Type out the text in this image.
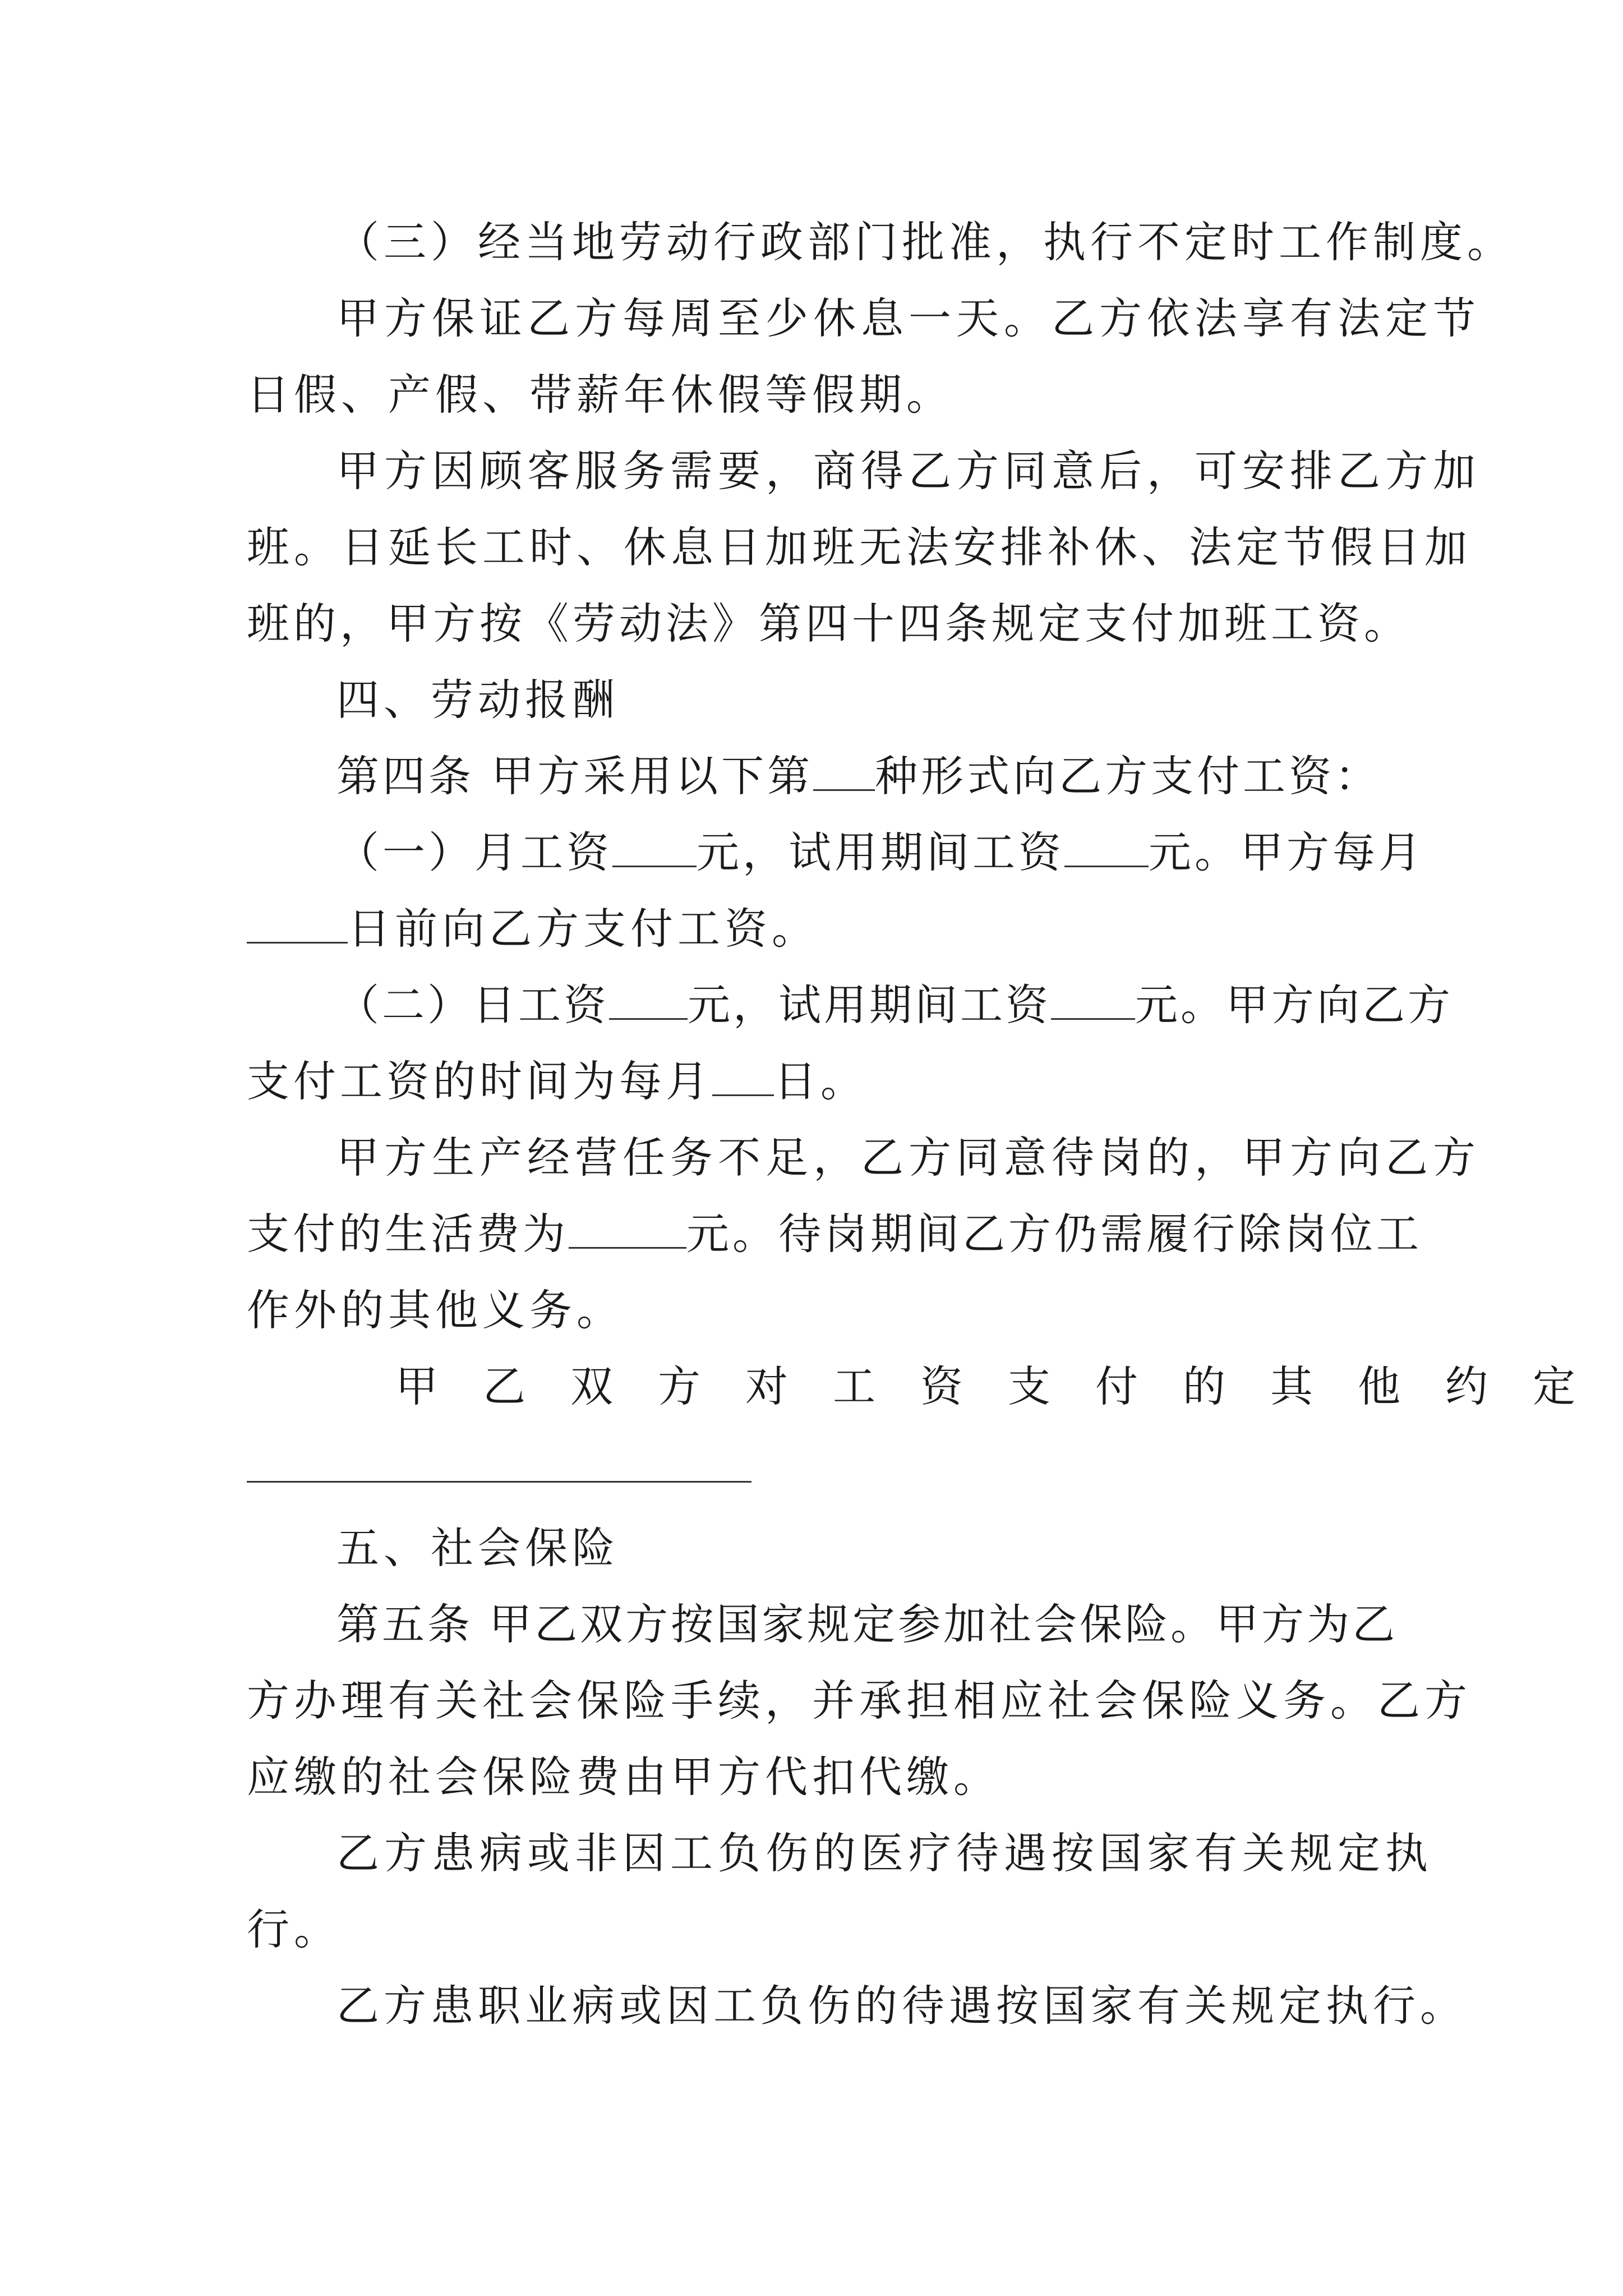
（三）经当地劳动行政部门批准，执行不定时工作制度。
甲方保证乙方每周至少休息一天。乙方依法享有法定节
日假、产假、带薪年休假等假期。
甲方因顾客服务需要，商得乙方同意后，可安排乙方加
班。日延长工时、休息日加班无法安排补休、法定节假日加
班的，甲方按《劳动法》第四十四条规定支付加班工资。
四、劳动报酬
第四条 甲方采用以下第 种形式向乙方支付工资：
（一）月工资 元，试用期间工资 元。甲方每月
日前向乙方支付工资。
（二）日工资 元，试用期间工资 元。甲方向乙方
支付工资的时间为每月 日。
甲方生产经营任务不足，乙方同意待岗的，甲方向乙方
支付的生活费为	元。待岗期间乙方仍需履行除岗位工
作外的其他义务。
甲乙双方对工资支付的其他约定
五、社会保险
第五条 甲乙双方按国家规定参加社会保险。甲方为乙
方办理有关社会保险手续，并承担相应社会保险义务。乙方
应缴的社会保险费由甲方代扣代缴。
乙方患病或非因工负伤的医疗待遇按国家有关规定执
行。
乙方患职业病或因工负伤的待遇按国家有关规定执行。
